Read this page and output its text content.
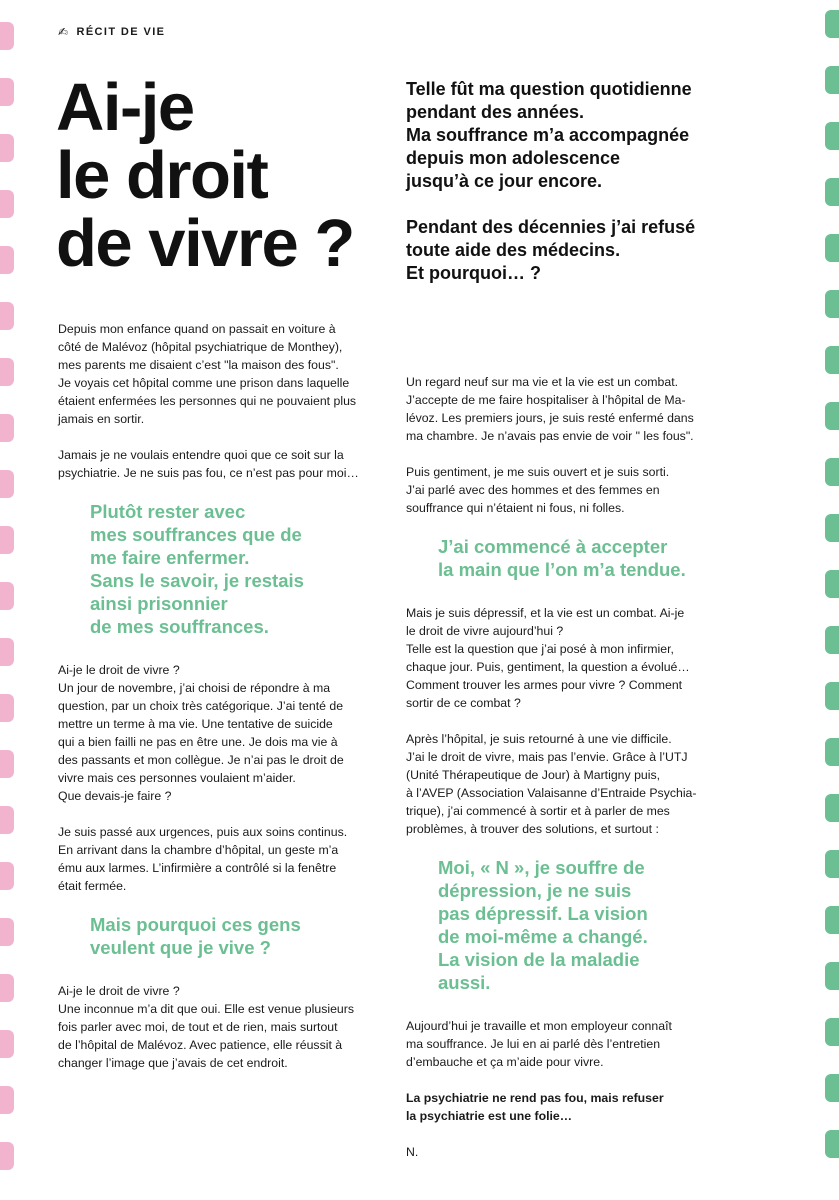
✍ RÉCIT DE VIE
Ai-je
le droit
de vivre ?

Telle fût ma question quotidienne
pendant des années.
Ma souffrance m’a accompagnée
depuis mon adolescence
jusqu’à ce jour encore.

Pendant des décennies j’ai refusé
toute aide des médecins.
Et pourquoi… ?

Depuis mon enfance quand on passait en voiture à
côté de Malévoz (hôpital psychiatrique de Monthey),
mes parents me disaient c’est "la maison des fous".
Je voyais cet hôpital comme une prison dans laquelle
étaient enfermées les personnes qui ne pouvaient plus
jamais en sortir.

Jamais je ne voulais entendre quoi que ce soit sur la
psychiatrie. Je ne suis pas fou, ce n’est pas pour moi…

Plutôt rester avec
mes souffrances que de
me faire enfermer.
Sans le savoir, je restais
ainsi prisonnier
de mes souffrances.

Ai-je le droit de vivre ?
Un jour de novembre, j’ai choisi de répondre à ma
question, par un choix très catégorique. J’ai tenté de
mettre un terme à ma vie. Une tentative de suicide
qui a bien failli ne pas en être une. Je dois ma vie à
des passants et mon collègue. Je n’ai pas le droit de
vivre mais ces personnes voulaient m’aider.
Que devais-je faire ?

Je suis passé aux urgences, puis aux soins continus.
En arrivant dans la chambre d’hôpital, un geste m’a
ému aux larmes. L’infirmière a contrôlé si la fenêtre
était fermée.

Mais pourquoi ces gens
veulent que je vive ?

Ai-je le droit de vivre ?
Une inconnue m’a dit que oui. Elle est venue plusieurs
fois parler avec moi, de tout et de rien, mais surtout
de l’hôpital de Malévoz. Avec patience, elle réussit à
changer l’image que j’avais de cet endroit.

Un regard neuf sur ma vie et la vie est un combat.
J’accepte de me faire hospitaliser à l’hôpital de Ma-
lévoz. Les premiers jours, je suis resté enfermé dans
ma chambre. Je n’avais pas envie de voir " les fous".

Puis gentiment, je me suis ouvert et je suis sorti.
J’ai parlé avec des hommes et des femmes en
souffrance qui n’étaient ni fous, ni folles.

J’ai commencé à accepter
la main que l’on m’a tendue.

Mais je suis dépressif, et la vie est un combat. Ai-je
le droit de vivre aujourd’hui ?
Telle est la question que j’ai posé à mon infirmier,
chaque jour. Puis, gentiment, la question a évolué…
Comment trouver les armes pour vivre ? Comment
sortir de ce combat ?

Après l’hôpital, je suis retourné à une vie difficile.
J’ai le droit de vivre, mais pas l’envie. Grâce à l’UTJ
(Unité Thérapeutique de Jour) à Martigny puis,
à l’AVEP (Association Valaisanne d’Entraide Psychia-
trique), j’ai commencé à sortir et à parler de mes
problèmes, à trouver des solutions, et surtout :

Moi, « N », je souffre de
dépression, je ne suis
pas dépressif. La vision
de moi-même a changé.
La vision de la maladie
aussi.

Aujourd’hui je travaille et mon employeur connaît
ma souffrance. Je lui en ai parlé dès l’entretien
d’embauche et ça m’aide pour vivre.

La psychiatrie ne rend pas fou, mais refuser
la psychiatrie est une folie…

N.
